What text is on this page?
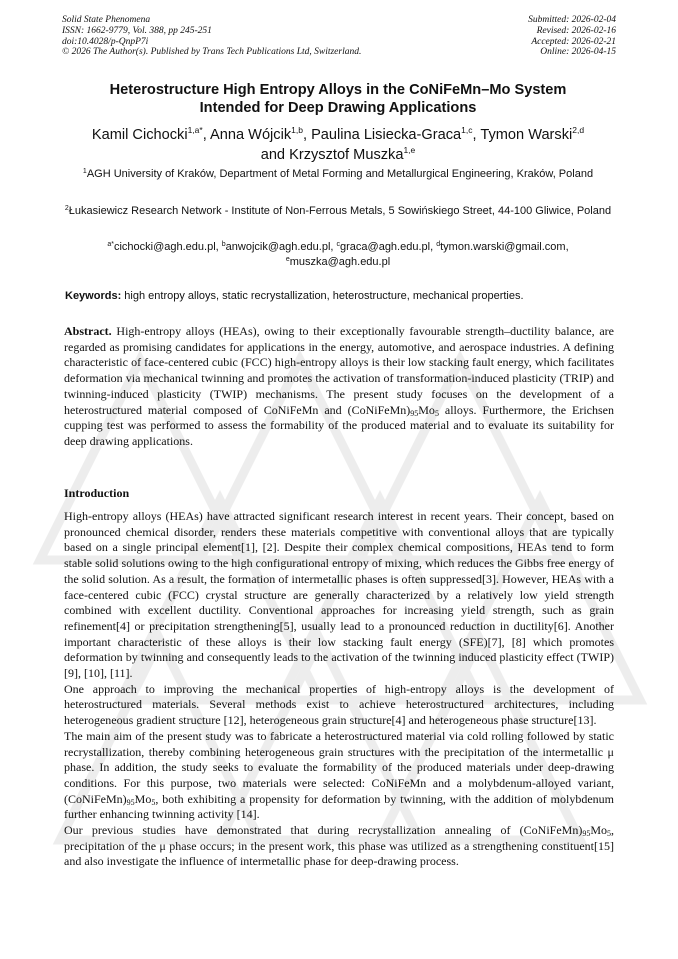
Solid State Phenomena
ISSN: 1662-9779, Vol. 388, pp 245-251
doi:10.4028/p-QnpP7i
© 2026 The Author(s). Published by Trans Tech Publications Ltd, Switzerland.
Submitted: 2026-02-04
Revised: 2026-02-16
Accepted: 2026-02-21
Online: 2026-04-15
Heterostructure High Entropy Alloys in the CoNiFeMn–Mo System
Intended for Deep Drawing Applications
Kamil Cichocki$^{1,a*}$, Anna Wójcik$^{1,b}$, Paulina Lisiecka-Graca$^{1,c}$, Tymon Warski$^{2,d}$
and Krzysztof Muszka$^{1,e}$
$^1$AGH University of Kraków, Department of Metal Forming and Metallurgical Engineering, Kraków, Poland
$^2$Łukasiewicz Research Network - Institute of Non-Ferrous Metals, 5 Sowińskiego Street, 44-100 Gliwice, Poland
$^{a*}$cichocki@agh.edu.pl, $^b$anwojcik@agh.edu.pl, $^c$graca@agh.edu.pl, $^d$tymon.warski@gmail.com,
$^e$muszka@agh.edu.pl
Keywords: high entropy alloys, static recrystallization, heterostructure, mechanical properties.
Abstract. High-entropy alloys (HEAs), owing to their exceptionally favourable strength–ductility balance, are regarded as promising candidates for applications in the energy, automotive, and aerospace industries. A defining characteristic of face-centered cubic (FCC) high-entropy alloys is their low stacking fault energy, which facilitates deformation via mechanical twinning and promotes the activation of transformation-induced plasticity (TRIP) and twinning-induced plasticity (TWIP) mechanisms. The present study focuses on the development of a heterostructured material composed of CoNiFeMn and $(CoNiFeMn)_{95}Mo_5$ alloys. Furthermore, the Erichsen cupping test was performed to assess the formability of the produced material and to evaluate its suitability for deep drawing applications.
Introduction

High-entropy alloys (HEAs) have attracted significant research interest in recent years. Their concept, based on pronounced chemical disorder, renders these materials competitive with conventional alloys that are typically based on a single principal element[1], [2]. Despite their complex chemical compositions, HEAs tend to form stable solid solutions owing to the high configurational entropy of mixing, which reduces the Gibbs free energy of the solid solution. As a result, the formation of intermetallic phases is often suppressed[3]. However, HEAs with a face-centered cubic (FCC) crystal structure are generally characterized by a relatively low yield strength combined with excellent ductility. Conventional approaches for increasing yield strength, such as grain refinement[4] or precipitation strengthening[5], usually lead to a pronounced reduction in ductility[6]. Another important characteristic of these alloys is their low stacking fault energy (SFE)[7], [8] which promotes deformation by twinning and consequently leads to the activation of the twinning induced plasticity effect (TWIP)[9], [10], [11].

One approach to improving the mechanical properties of high-entropy alloys is the development of heterostructured materials. Several methods exist to achieve heterostructured architectures, including heterogeneous gradient structure [12], heterogeneous grain structure[4] and heterogeneous phase structure[13].

The main aim of the present study was to fabricate a heterostructured material via cold rolling followed by static recrystallization, thereby combining heterogeneous grain structures with the precipitation of the intermetallic μ phase. In addition, the study seeks to evaluate the formability of the produced materials under deep-drawing conditions. For this purpose, two materials were selected: CoNiFeMn and a molybdenum-alloyed variant, $(CoNiFeMn)_{95}Mo_5$, both exhibiting a propensity for deformation by twinning, with the addition of molybdenum further enhancing twinning activity [14].

Our previous studies have demonstrated that during recrystallization annealing of $(CoNiFeMn)_{95}Mo_5$, precipitation of the μ phase occurs; in the present work, this phase was utilized as a strengthening constituent[15] and also investigate the influence of intermetallic phase for deep-drawing process.
